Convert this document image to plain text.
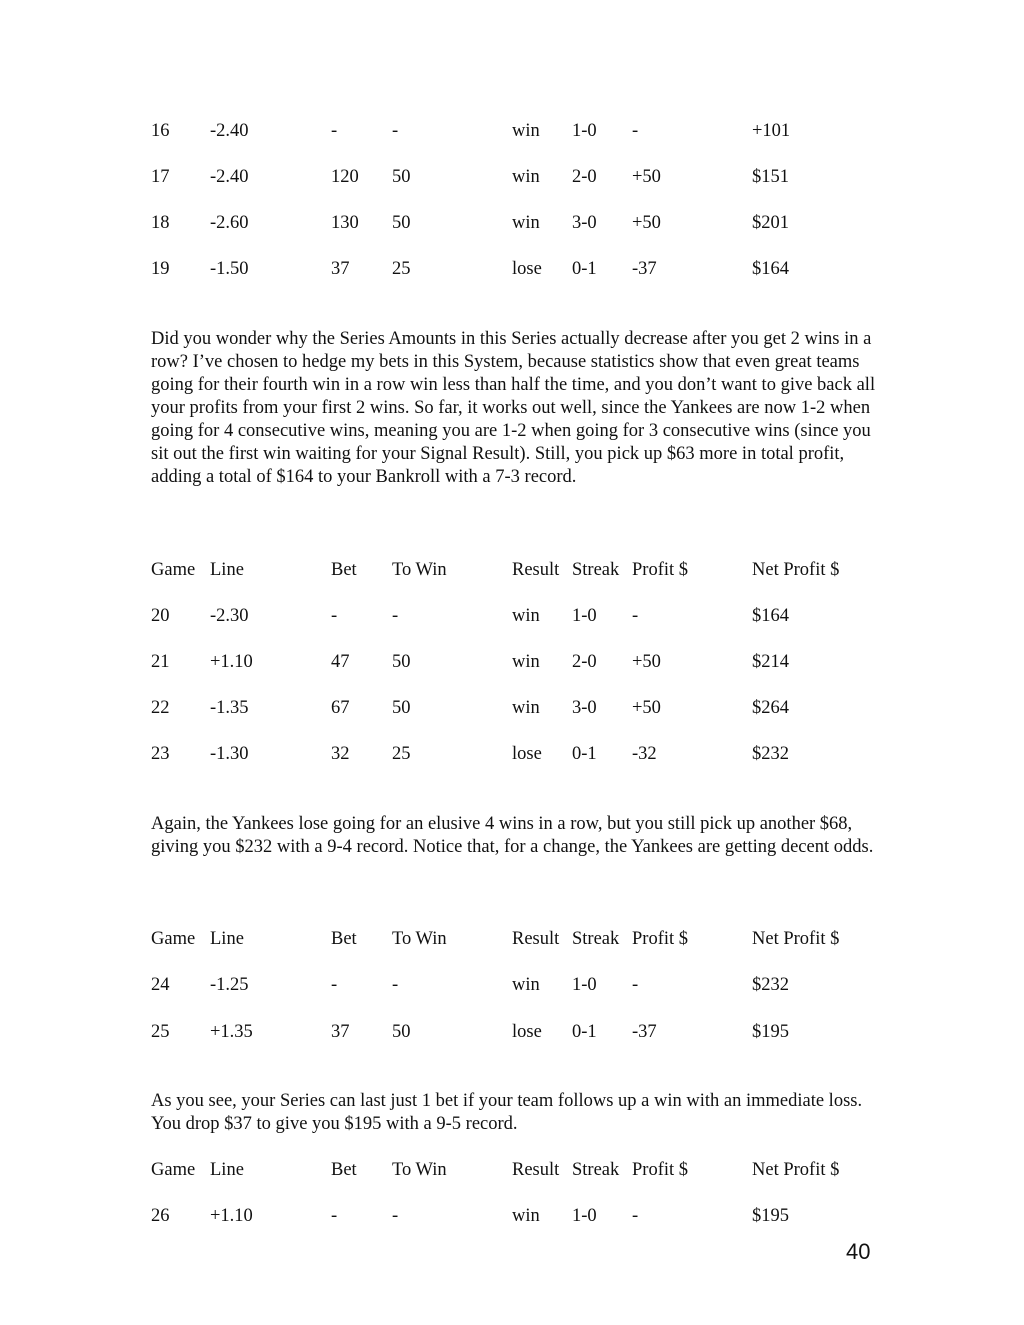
16 -2.40	-	-	win 1-0 -	+101
17 -2.40	120 50	win 2-0 +50	$151
18 -2.60	130 50	win 3-0 +50	$201
19 -1.50	37 25	lose 0-1 -37	$164

Did you wonder why the Series Amounts in this Series actually decrease after you get 2 wins in a row? I’ve chosen to hedge my bets in this System, because statistics show that even great teams going for their fourth win in a row win less than half the time, and you don’t want to give back all your profits from your first 2 wins. So far, it works out well, since the Yankees are now 1-2 when going for 4 consecutive wins, meaning you are 1-2 when going for 3 consecutive wins (since you sit out the first win waiting for your Signal Result). Still, you pick up $63 more in total profit, adding a total of $164 to your Bankroll with a 7-3 record.

Game Line	Bet To Win	Result Streak Profit $	Net Profit $
20 -2.30	-	-	win 1-0 -	$164
21 +1.10	47 50	win 2-0 +50	$214
22 -1.35	67 50	win 3-0 +50	$264
23 -1.30	32 25	lose 0-1 -32	$232

Again, the Yankees lose going for an elusive 4 wins in a row, but you still pick up another $68, giving you $232 with a 9-4 record. Notice that, for a change, the Yankees are getting decent odds.

Game Line	Bet To Win	Result Streak Profit $	Net Profit $
24 -1.25	-	-	win 1-0 -	$232
25 +1.35	37 50	lose 0-1 -37	$195

As you see, your Series can last just 1 bet if your team follows up a win with an immediate loss. You drop $37 to give you $195 with a 9-5 record.

Game Line	Bet To Win	Result Streak Profit $	Net Profit $
26 +1.10	-	-	win 1-0 -	$195
40
